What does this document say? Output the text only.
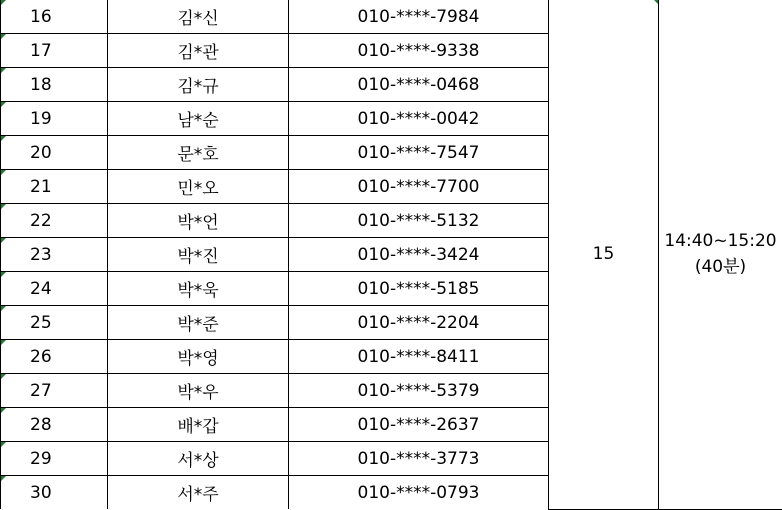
16	김*신	010-****-7984	15	14:40~15:20
(40분)

17	김*관	010-****-9338		

18	김*규	010-****-0468		

19	남*순	010-****-0042		

20	문*호	010-****-7547		

21	민*오	010-****-7700		

22	박*언	010-****-5132		

23	박*진	010-****-3424		

24	박*욱	010-****-5185		

25	박*준	010-****-2204		

26	박*영	010-****-8411		

27	박*우	010-****-5379		

28	배*갑	010-****-2637		

29	서*상	010-****-3773		

30	서*주	010-****-0793		
